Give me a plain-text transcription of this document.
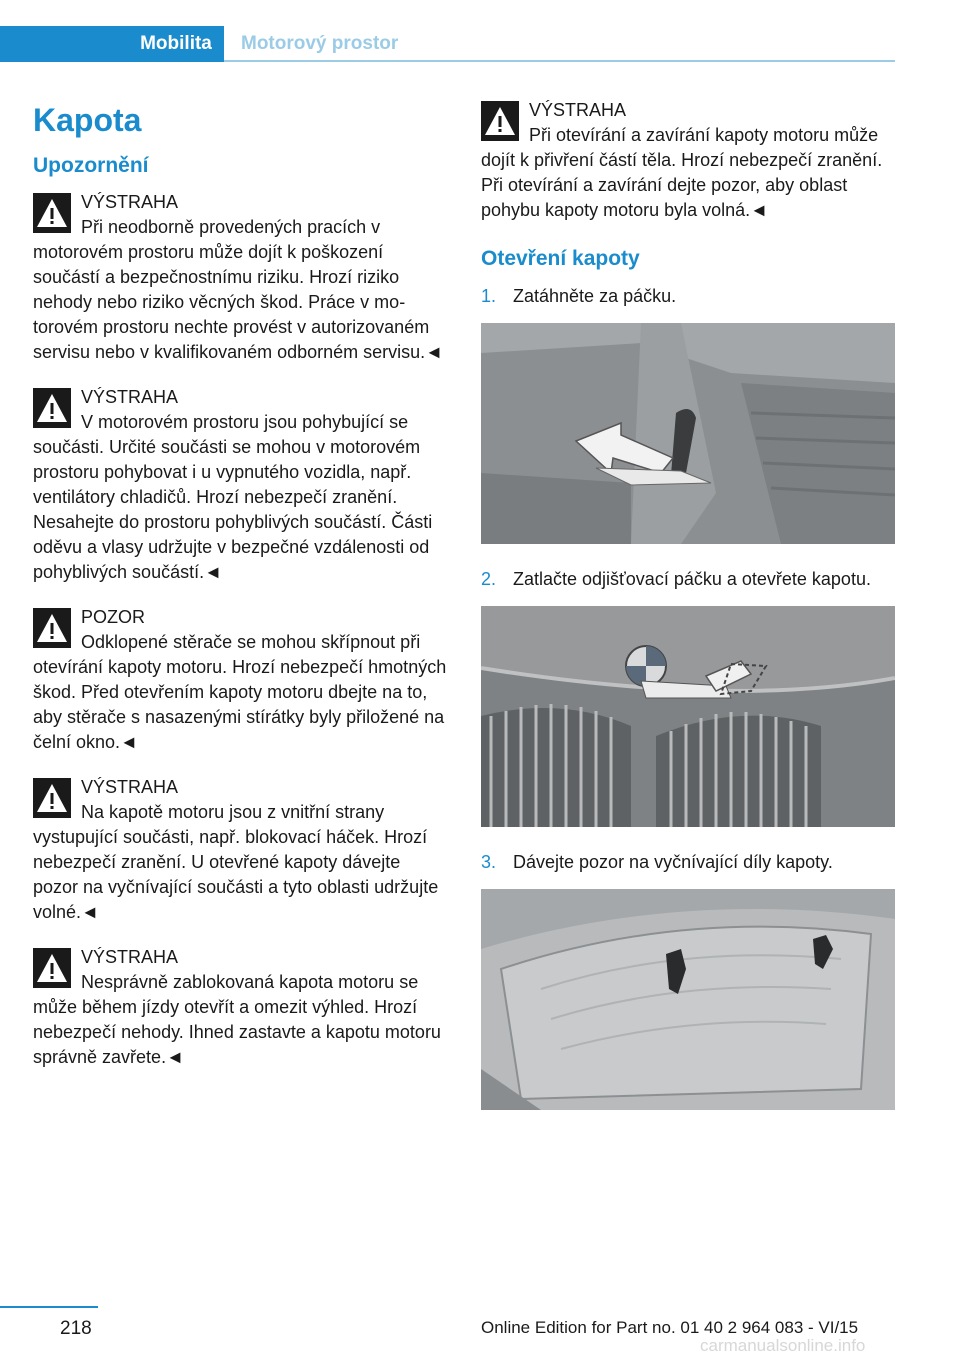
Mobilita	Motorový prostor
Kapota
Upozornění
VÝSTRAHA
Při neodborně provedených pracích v motorovém prostoru může dojít k poškození součástí a bezpečnostnímu riziku. Hrozí riziko nehody nebo riziko věcných škod. Práce v motorovém prostoru nechte provést v autorizovaném servisu nebo v kvalifikovaném odborném servisu.◄
VÝSTRAHA
V motorovém prostoru jsou pohybující se součásti. Určité součásti se mohou v motorovém prostoru pohybovat i u vypnutého vozidla, např. ventilátory chladičů. Hrozí nebezpečí zranění. Nesahejte do prostoru pohyblivých součástí. Části oděvu a vlasy udržujte v bezpečné vzdálenosti od pohyblivých součástí.◄
POZOR
Odklopené stěrače se mohou skřípnout při otevírání kapoty motoru. Hrozí nebezpečí hmotných škod. Před otevřením kapoty motoru dbejte na to, aby stěrače s nasazenými stírátky byly přiložené na čelní okno.◄
VÝSTRAHA
Na kapotě motoru jsou z vnitřní strany vystupující součásti, např. blokovací háček. Hrozí nebezpečí zranění. U otevřené kapoty dávejte pozor na vyčnívající součásti a tyto oblasti udržujte volné.◄
VÝSTRAHA
Nesprávně zablokovaná kapota motoru se může během jízdy otevřít a omezit výhled. Hrozí nebezpečí nehody. Ihned zastavte a kapotu motoru správně zavřete.◄
VÝSTRAHA
Při otevírání a zavírání kapoty motoru může dojít k přivření částí těla. Hrozí nebezpečí zranění. Při otevírání a zavírání dejte pozor, aby oblast pohybu kapoty motoru byla volná.◄
Otevření kapoty
1. Zatáhněte za páčku.
2. Zatlačte odjišťovací páčku a otevřete kapotu.
3. Dávejte pozor na vyčnívající díly kapoty.
218	Online Edition for Part no. 01 40 2 964 083 - VI/15
carmanualsonline.info
